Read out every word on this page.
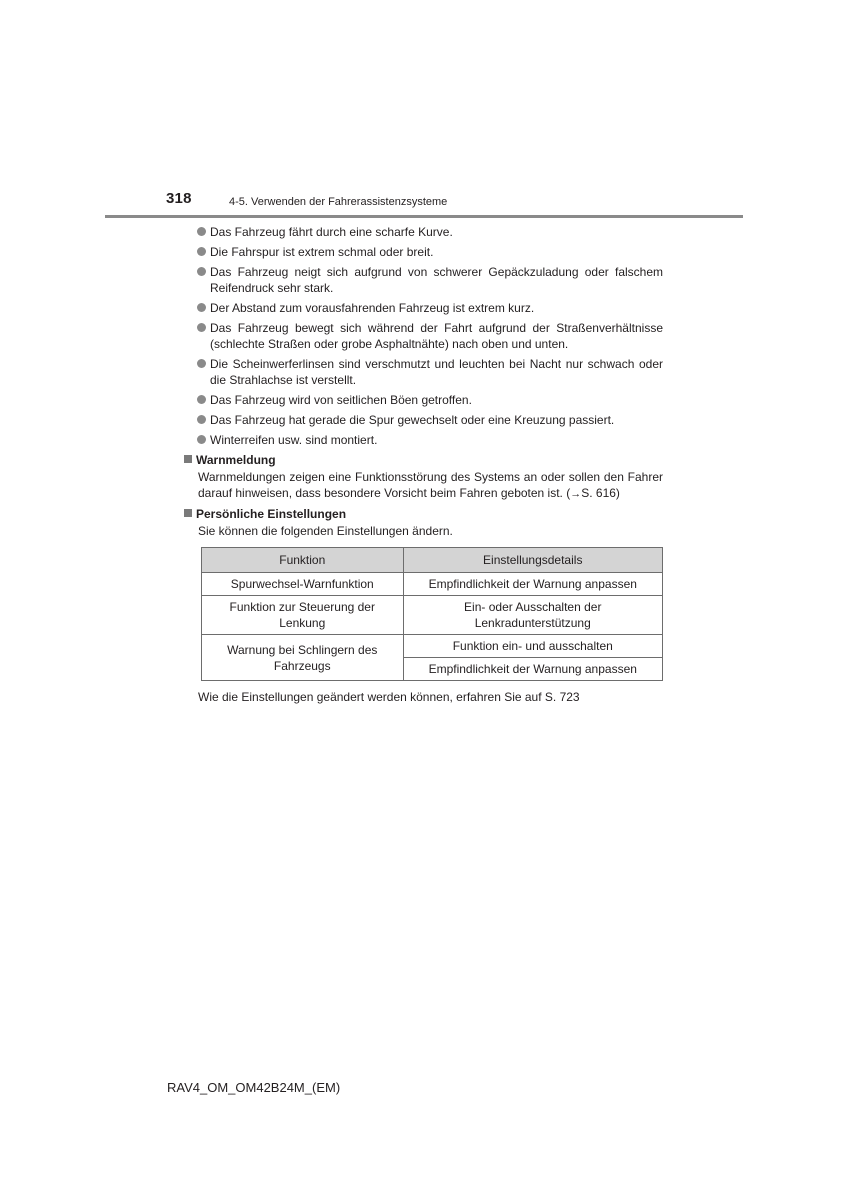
318	4-5. Verwenden der Fahrerassistenzsysteme
Das Fahrzeug fährt durch eine scharfe Kurve.
Die Fahrspur ist extrem schmal oder breit.
Das Fahrzeug neigt sich aufgrund von schwerer Gepäckzuladung oder falschem Reifendruck sehr stark.
Der Abstand zum vorausfahrenden Fahrzeug ist extrem kurz.
Das Fahrzeug bewegt sich während der Fahrt aufgrund der Straßenverhältnisse (schlechte Straßen oder grobe Asphaltnähte) nach oben und unten.
Die Scheinwerferlinsen sind verschmutzt und leuchten bei Nacht nur schwach oder die Strahlachse ist verstellt.
Das Fahrzeug wird von seitlichen Böen getroffen.
Das Fahrzeug hat gerade die Spur gewechselt oder eine Kreuzung passiert.
Winterreifen usw. sind montiert.
Warnmeldung

Warnmeldungen zeigen eine Funktionsstörung des Systems an oder sollen den Fahrer darauf hinweisen, dass besondere Vorsicht beim Fahren geboten ist. (→S. 616)

Persönliche Einstellungen

Sie können die folgenden Einstellungen ändern.

Funktion	Einstellungsdetails
Spurwechsel-Warnfunktion	Empfindlichkeit der Warnung anpassen
Funktion zur Steuerung der Lenkung	Ein- oder Ausschalten der Lenkradunterstützung
Warnung bei Schlingern des Fahrzeugs	Funktion ein- und ausschalten
	Empfindlichkeit der Warnung anpassen

Wie die Einstellungen geändert werden können, erfahren Sie auf S. 723

RAV4_OM_OM42B24M_(EM)
